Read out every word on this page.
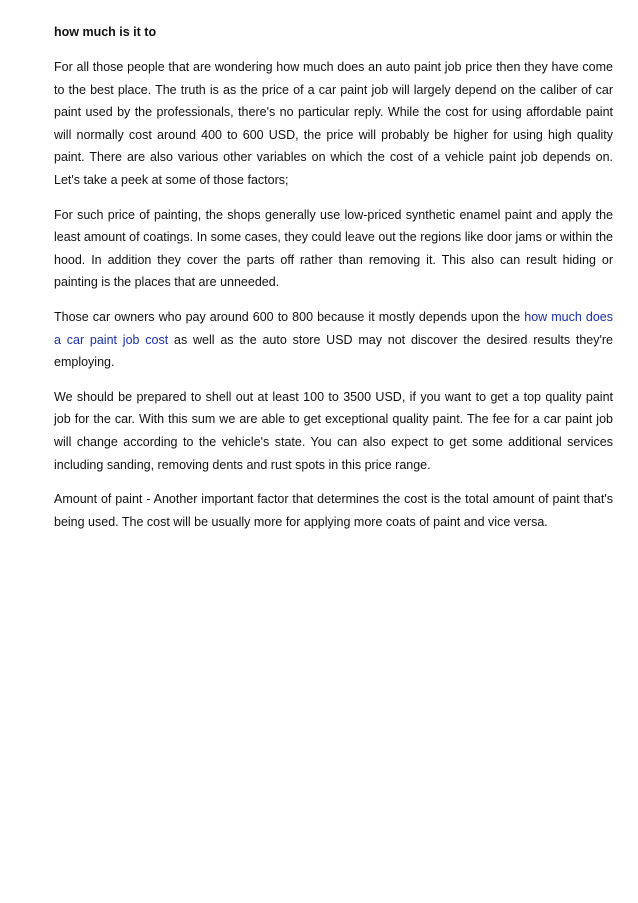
how much is it to

For all those people that are wondering how much does an auto paint job price then they have come to the best place. The truth is as the price of a car paint job will largely depend on the caliber of car paint used by the professionals, there's no particular reply. While the cost for using affordable paint will normally cost around 400 to 600 USD, the price will probably be higher for using high quality paint. There are also various other variables on which the cost of a vehicle paint job depends on. Let's take a peek at some of those factors;

For such price of painting, the shops generally use low-priced synthetic enamel paint and apply the least amount of coatings. In some cases, they could leave out the regions like door jams or within the hood. In addition they cover the parts off rather than removing it. This also can result hiding or painting is the places that are unneeded.

Those car owners who pay around 600 to 800 because it mostly depends upon the how much does a car paint job cost as well as the auto store USD may not discover the desired results they're employing.

We should be prepared to shell out at least 100 to 3500 USD, if you want to get a top quality paint job for the car. With this sum we are able to get exceptional quality paint. The fee for a car paint job will change according to the vehicle's state. You can also expect to get some additional services including sanding, removing dents and rust spots in this price range.

Amount of paint - Another important factor that determines the cost is the total amount of paint that's being used. The cost will be usually more for applying more coats of paint and vice versa.
